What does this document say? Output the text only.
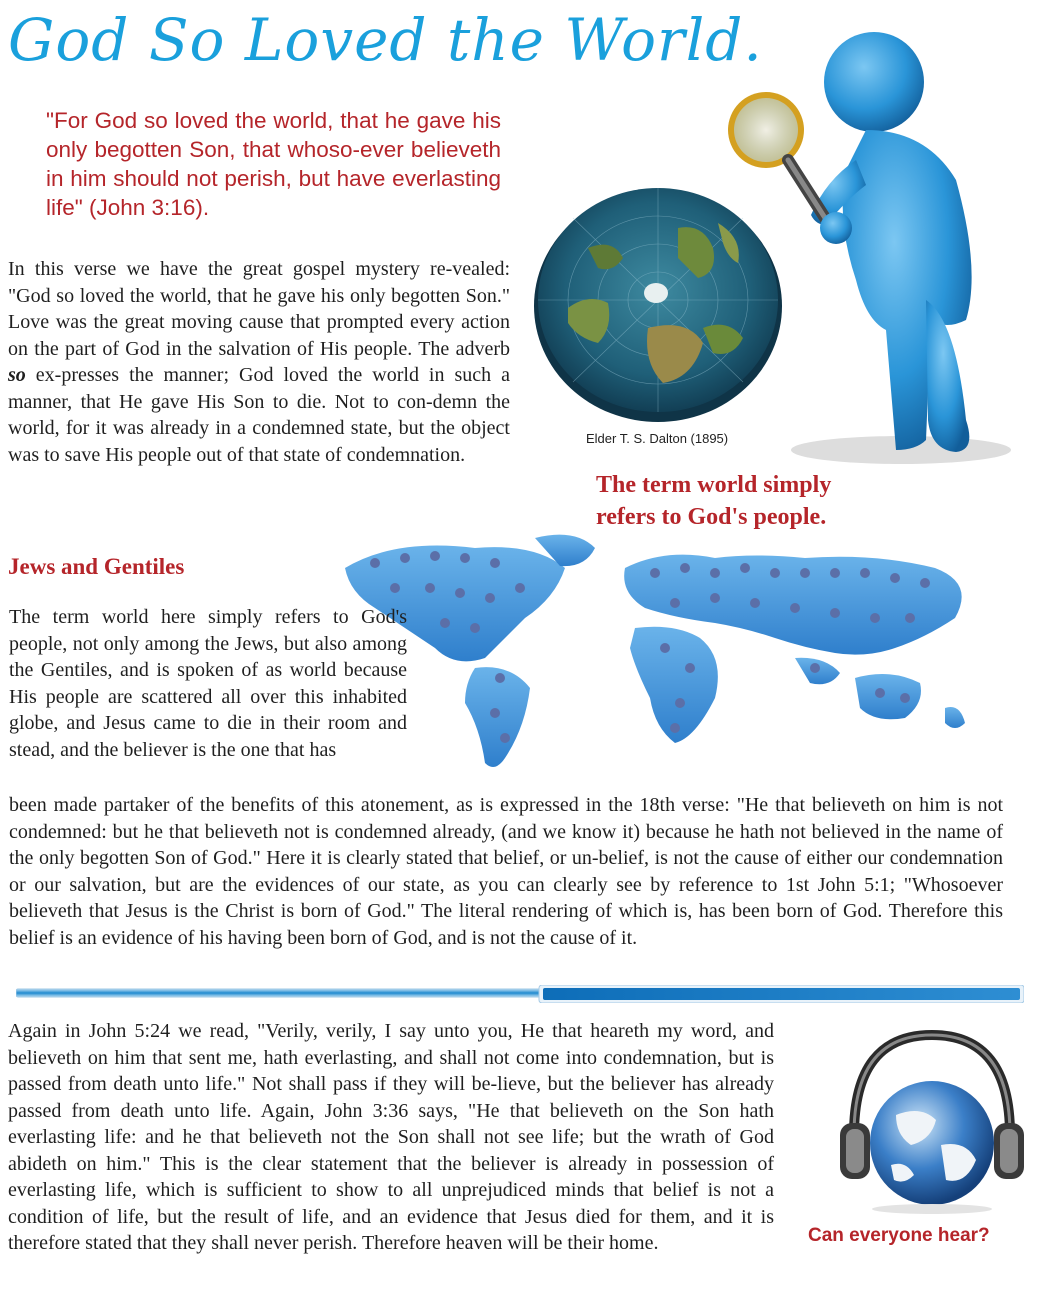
God So Loved the World.
"For God so loved the world, that he gave his only begotten Son, that whoso-ever believeth in him should not perish, but have everlasting life" (John 3:16).
In this verse we have the great gospel mystery re-vealed: "God so loved the world, that he gave his only begotten Son." Love was the great moving cause that prompted every action on the part of God in the salvation of His people. The adverb so ex-presses the manner; God loved the world in such a manner, that He gave His Son to die. Not to con-demn the world, for it was already in a condemned state, but the object was to save His people out of that state of condemnation.
Elder T. S. Dalton (1895)
The term world simply
refers to God's people.
Jews and Gentiles
The term world here simply refers to God's people, not only among the Jews, but also among the Gentiles, and is spoken of as world because His people are scattered all over this inhabited globe, and Jesus came to die in their room and stead, and the believer is the one that has
been made partaker of the benefits of this atonement, as is expressed in the 18th verse: "He that believeth on him is not condemned: but he that believeth not is condemned already, (and we know it) because he hath not believed in the name of the only begotten Son of God." Here it is clearly stated that belief, or un-belief, is not the cause of either our condemnation or our salvation, but are the evidences of our state, as you can clearly see by reference to 1st John 5:1; "Whosoever believeth that Jesus is the Christ is born of God." The literal rendering of which is, has been born of God. Therefore this belief is an evidence of his having been born of God, and is not the cause of it.
Again in John 5:24 we read, "Verily, verily, I say unto you, He that heareth my word, and believeth on him that sent me, hath everlasting, and shall not come into condemnation, but is passed from death unto life." Not shall pass if they will be-lieve, but the believer has already passed from death unto life. Again, John 3:36 says, "He that believeth on the Son hath everlasting life: and he that believeth not the Son shall not see life; but the wrath of God abideth on him." This is the clear statement that the believer is already in possession of everlasting life, which is sufficient to show to all unprejudiced minds that belief is not a condition of life, but the result of life, and an evidence that Jesus died for them, and it is therefore stated that they shall never perish. Therefore heaven will be their home.	Can everyone hear?
